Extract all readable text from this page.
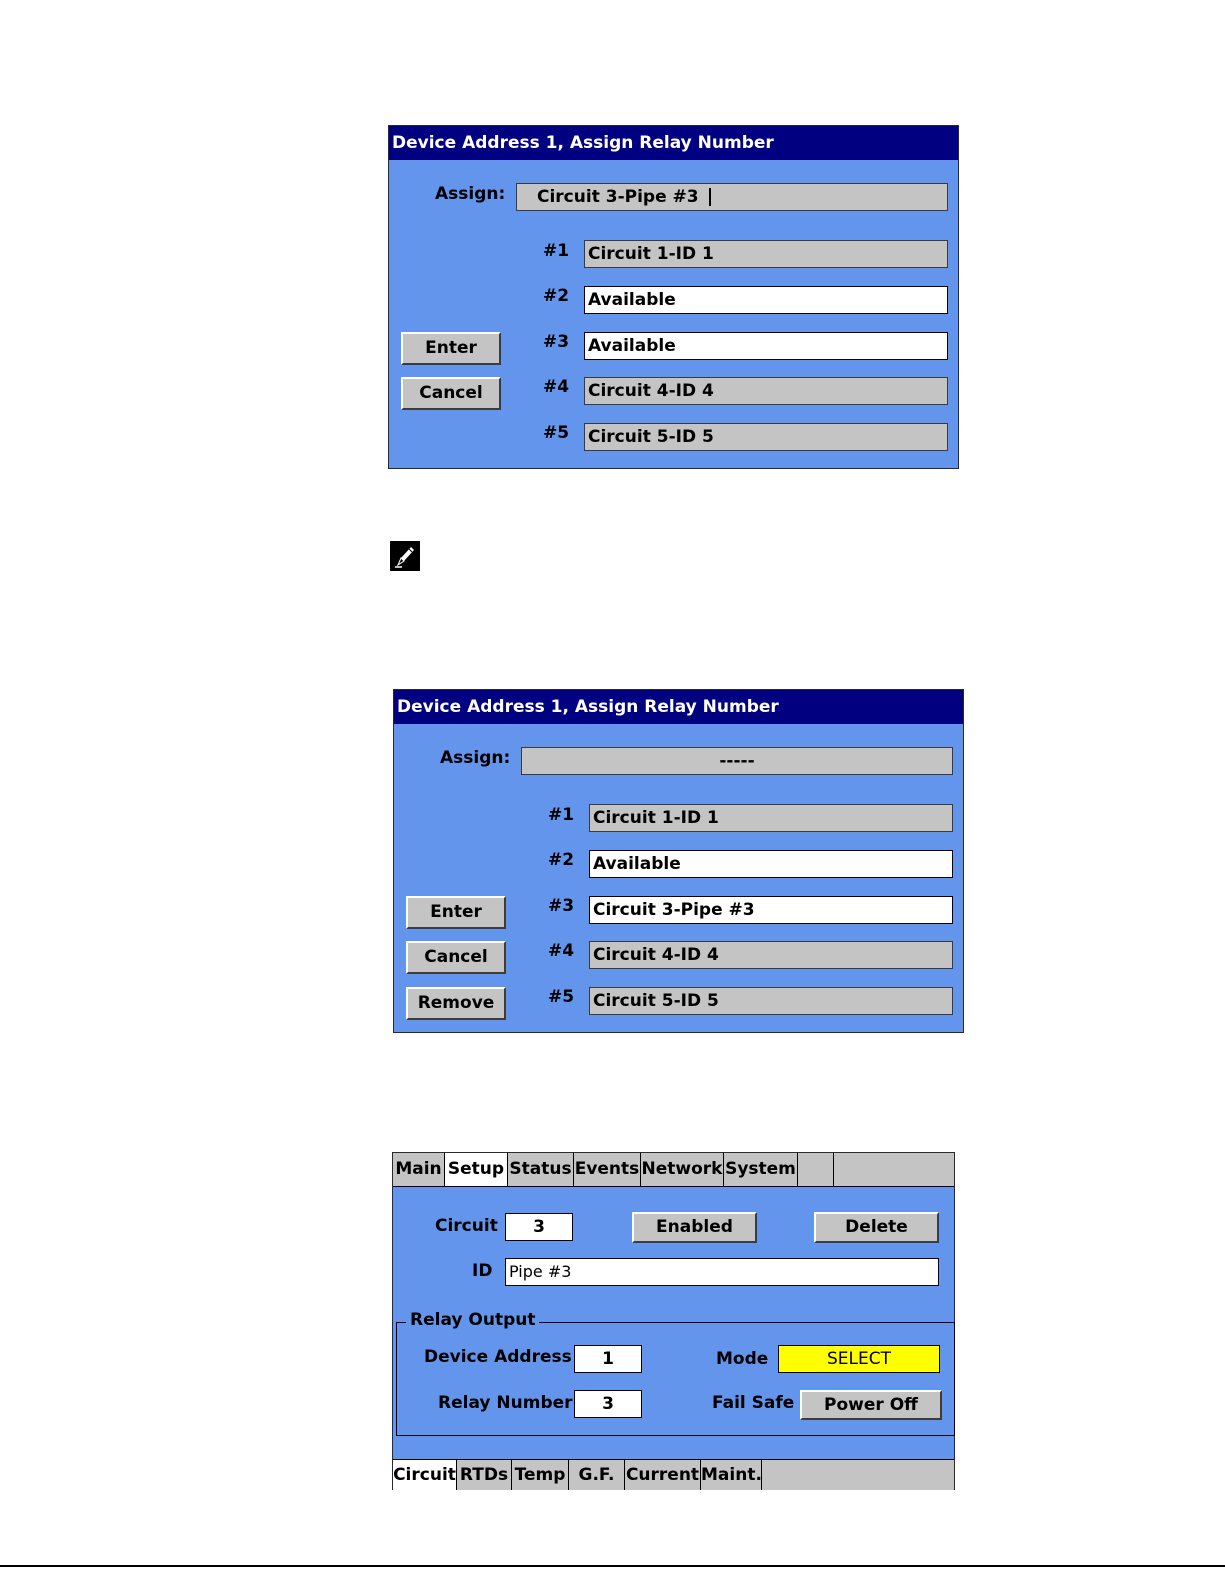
Device Address 1, Assign Relay Number
Assign:	Circuit 3-Pipe #3
#1 Circuit 1-ID 1
#2 Available
#3 Available
#4 Circuit 4-ID 4
#5 Circuit 5-ID 5
Enter
Cancel
Device Address 1, Assign Relay Number
Assign:	-----
#1 Circuit 1-ID 1
#2 Available
#3 Circuit 3-Pipe #3
#4 Circuit 4-ID 4
#5 Circuit 5-ID 5
Enter
Cancel
Remove
Main Setup Status Events Network System
Circuit	3	Enabled	Delete
ID Pipe #3
Relay Output
Device Address	1
Relay Number	3
Mode	SELECT
Fail Safe	Power Off
Circuit RTDs Temp G.F. Current Maint.
